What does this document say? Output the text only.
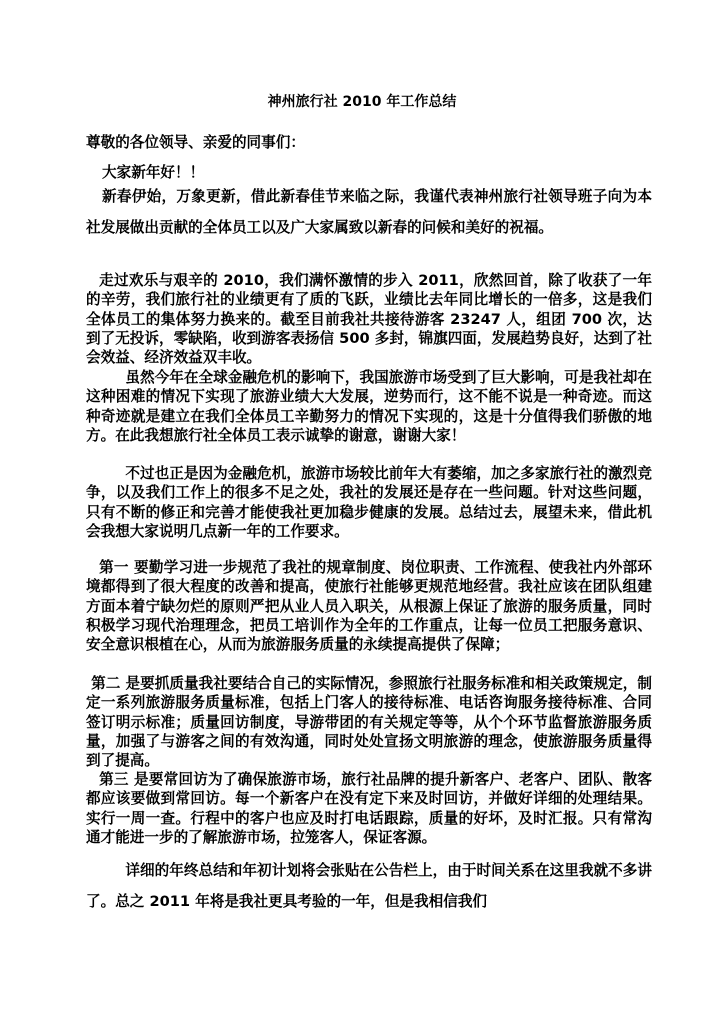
神州旅行社 2010 年工作总结

尊敬的各位领导、亲爱的同事们：

大家新年好！！

新春伊始，万象更新，借此新春佳节来临之际，我谨代表神州旅行社领导班子向为本社发展做出贡献的全体员工以及广大家属致以新春的问候和美好的祝福。

走过欢乐与艰辛的 2010，我们满怀激情的步入 2011，欣然回首，除了收获了一年的辛劳，我们旅行社的业绩更有了质的飞跃，业绩比去年同比增长的一倍多，这是我们全体员工的集体努力换来的。截至目前我社共接待游客 23247 人，组团 700 次，达到了无投诉，零缺陷，收到游客表扬信 500 多封，锦旗四面，发展趋势良好，达到了社会效益、经济效益双丰收。

虽然今年在全球金融危机的影响下，我国旅游市场受到了巨大影响，可是我社却在这种困难的情况下实现了旅游业绩大大发展，逆势而行，这不能不说是一种奇迹。而这种奇迹就是建立在我们全体员工辛勤努力的情况下实现的，这是十分值得我们骄傲的地方。在此我想旅行社全体员工表示诚挚的谢意，谢谢大家！

不过也正是因为金融危机，旅游市场较比前年大有萎缩，加之多家旅行社的激烈竞争，以及我们工作上的很多不足之处，我社的发展还是存在一些问题。针对这些问题，只有不断的修正和完善才能使我社更加稳步健康的发展。总结过去，展望未来，借此机会我想大家说明几点新一年的工作要求。

第一 要勤学习进一步规范了我社的规章制度、岗位职责、工作流程、使我社内外部环境都得到了很大程度的改善和提高，使旅行社能够更规范地经营。我社应该在团队组建方面本着宁缺勿烂的原则严把从业人员入职关，从根源上保证了旅游的服务质量，同时积极学习现代治理理念，把员工培训作为全年的工作重点，让每一位员工把服务意识、安全意识根植在心，从而为旅游服务质量的永续提高提供了保障；

第二 是要抓质量我社要结合自己的实际情况，参照旅行社服务标准和相关政策规定，制定一系列旅游服务质量标准，包括上门客人的接待标准、电话咨询服务接待标准、合同签订明示标准；质量回访制度，导游带团的有关规定等等，从个个环节监督旅游服务质量，加强了与游客之间的有效沟通，同时处处宣扬文明旅游的理念，使旅游服务质量得到了提高。

第三 是要常回访为了确保旅游市场，旅行社品牌的提升新客户、老客户、团队、散客都应该要做到常回访。每一个新客户在没有定下来及时回访，并做好详细的处理结果。实行一周一查。行程中的客户也应及时打电话跟踪，质量的好坏，及时汇报。只有常沟通才能进一步的了解旅游市场，拉笼客人，保证客源。

详细的年终总结和年初计划将会张贴在公告栏上，由于时间关系在这里我就不多讲了。总之 2011 年将是我社更具考验的一年，但是我相信我们
